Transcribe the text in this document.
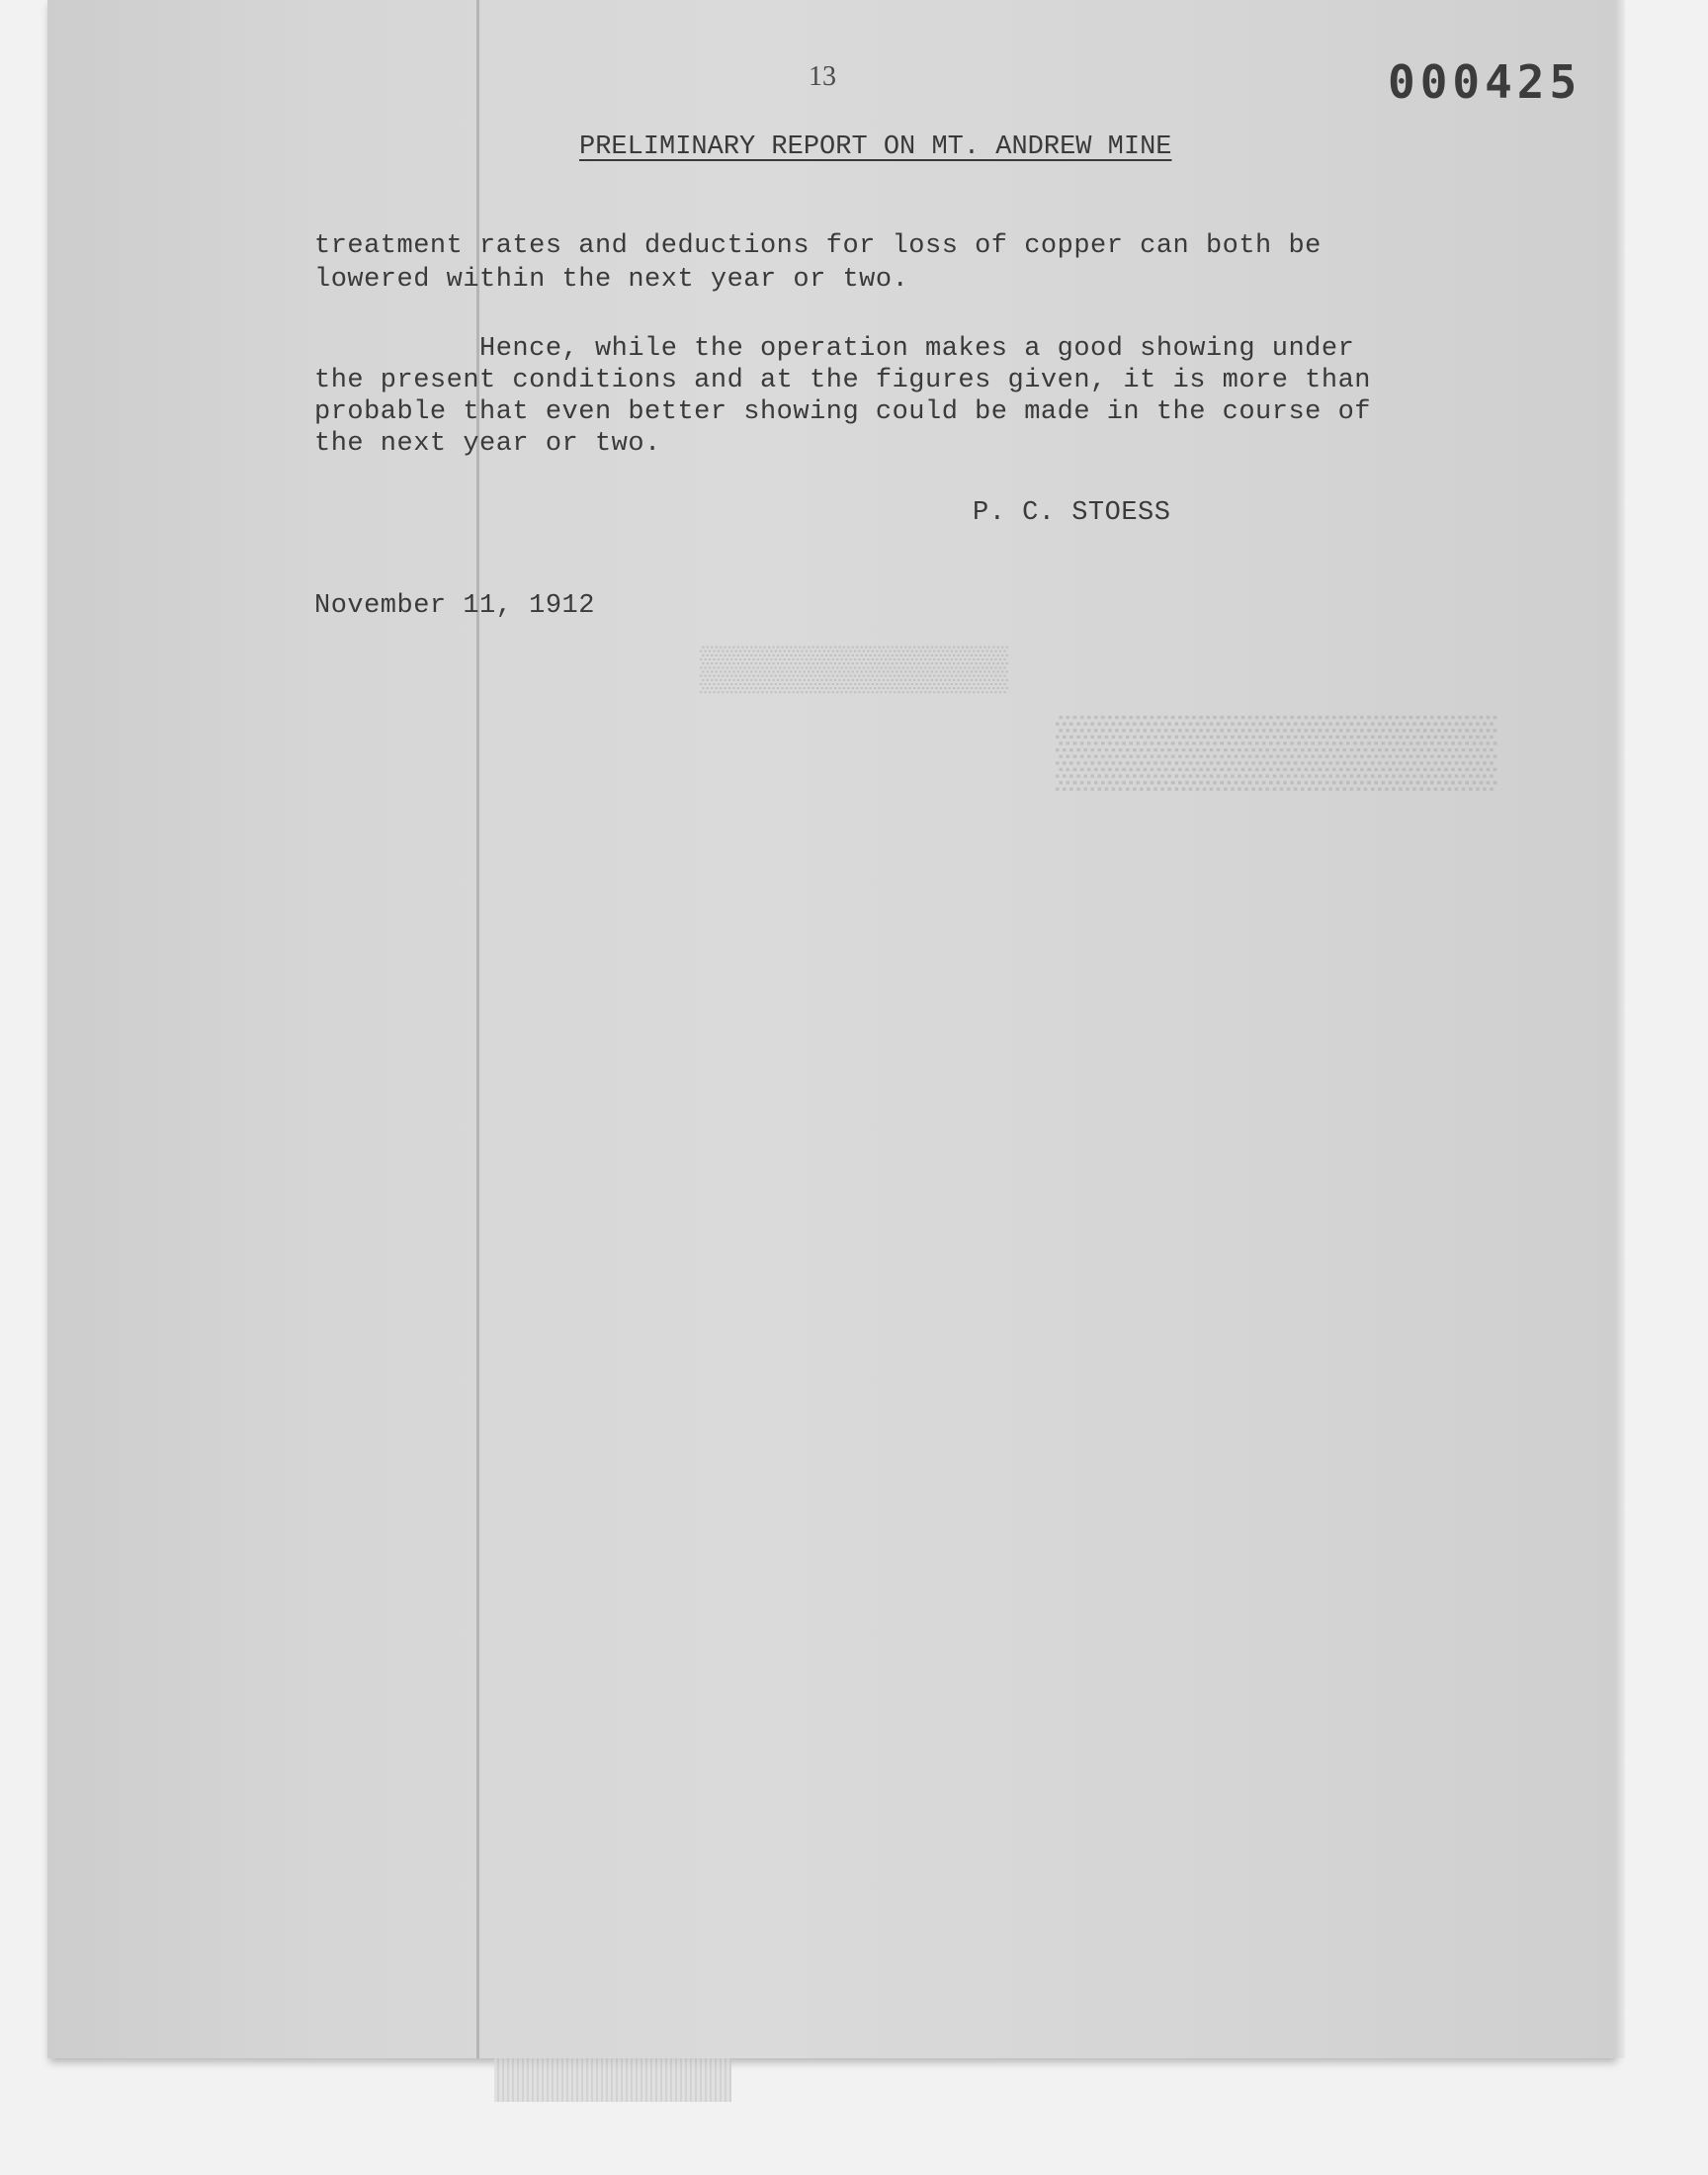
▒▒▒▒▒▒▒▒▒▒
▒▒▒▒▒▒▒▒▒
13	000425
PRELIMINARY REPORT ON MT. ANDREW MINE
treatment rates and deductions for loss of copper can both be
lowered within the next year or two.
Hence, while the operation makes a good showing under
the present conditions and at the figures given, it is more than
probable that even better showing could be made in the course of
the next year or two.
P. C. STOESS
November 11, 1912
